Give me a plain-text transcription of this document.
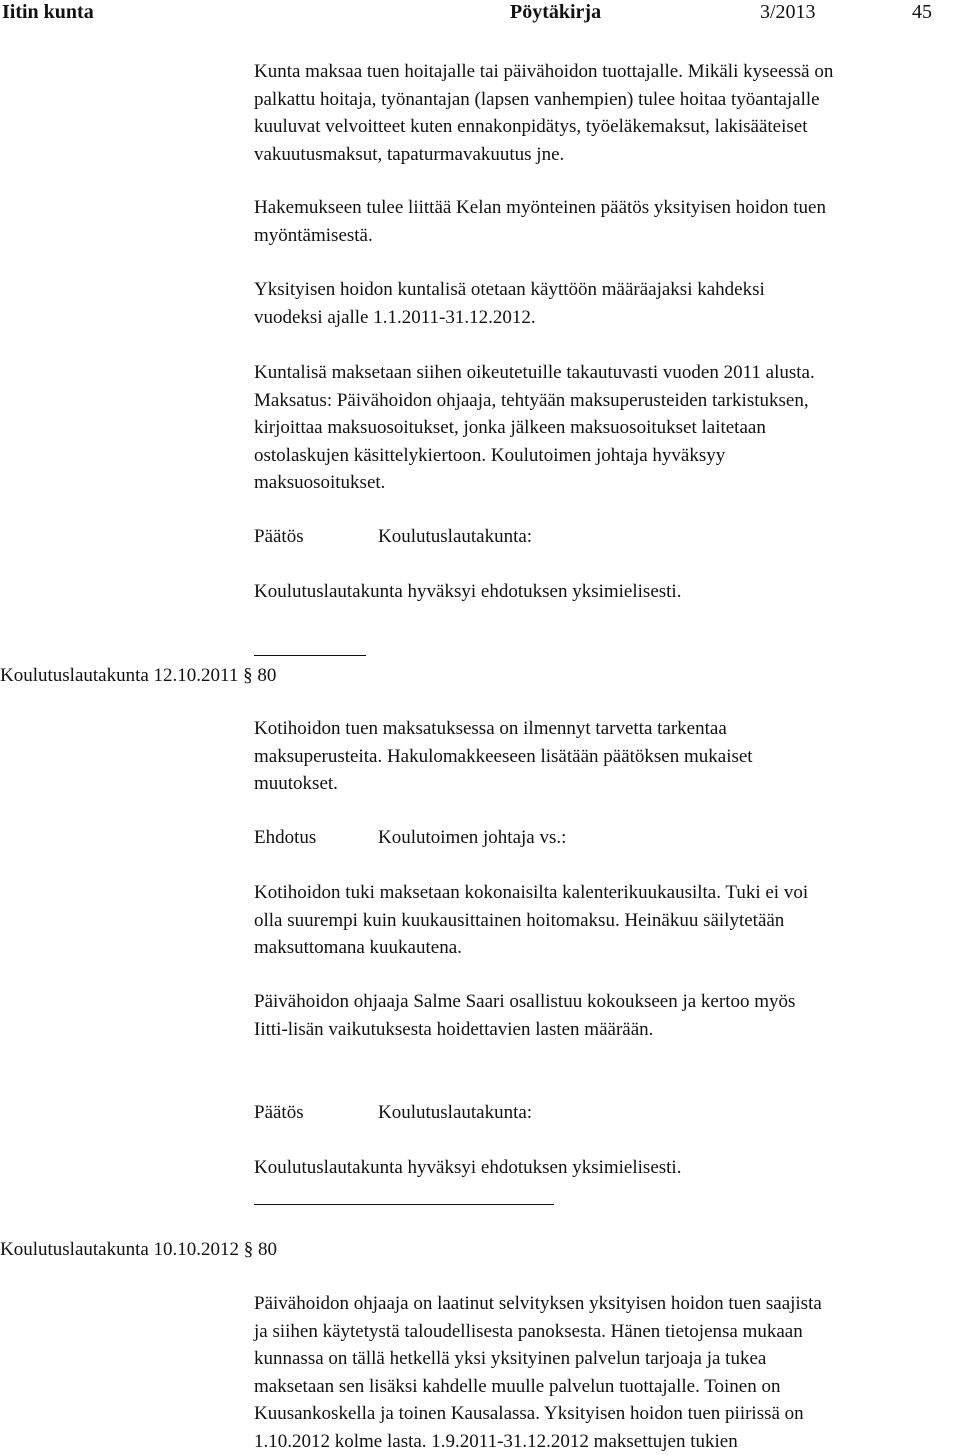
Iitin kunta	Pöytäkirja	3/2013	45
Kunta maksaa tuen hoitajalle tai päivähoidon tuottajalle. Mikäli kyseessä on
palkattu hoitaja, työnantajan (lapsen vanhempien) tulee hoitaa työantajalle
kuuluvat velvoitteet kuten ennakonpidätys, työeläkemaksut, lakisääteiset
vakuutusmaksut, tapaturmavakuutus jne.
Hakemukseen tulee liittää Kelan myönteinen päätös yksityisen hoidon tuen
myöntämisestä.
Yksityisen hoidon kuntalisä otetaan käyttöön määräajaksi kahdeksi
vuodeksi ajalle 1.1.2011-31.12.2012.
Kuntalisä maksetaan siihen oikeutetuille takautuvasti vuoden 2011 alusta.
Maksatus: Päivähoidon ohjaaja, tehtyään maksuperusteiden tarkistuksen,
kirjoittaa maksuosoitukset, jonka jälkeen maksuosoitukset laitetaan
ostolaskujen käsittelykiertoon. Koulutoimen johtaja hyväksyy
maksuosoitukset.
Päätös	Koulutuslautakunta:
Koulutuslautakunta hyväksyi ehdotuksen yksimielisesti.
Koulutuslautakunta 12.10.2011 § 80
Kotihoidon tuen maksatuksessa on ilmennyt tarvetta tarkentaa
maksuperusteita. Hakulomakkeeseen lisätään päätöksen mukaiset
muutokset.
Ehdotus	Koulutoimen johtaja vs.:
Kotihoidon tuki maksetaan kokonaisilta kalenterikuukausilta. Tuki ei voi
olla suurempi kuin kuukausittainen hoitomaksu. Heinäkuu säilytetään
maksuttomana kuukautena.
Päivähoidon ohjaaja Salme Saari osallistuu kokoukseen ja kertoo myös
Iitti-lisän vaikutuksesta hoidettavien lasten määrään.
Päätös	Koulutuslautakunta:
Koulutuslautakunta hyväksyi ehdotuksen yksimielisesti.
Koulutuslautakunta 10.10.2012 § 80
Päivähoidon ohjaaja on laatinut selvityksen yksityisen hoidon tuen saajista
ja siihen käytetystä taloudellisesta panoksesta. Hänen tietojensa mukaan
kunnassa on tällä hetkellä yksi yksityinen palvelun tarjoaja ja tukea
maksetaan sen lisäksi kahdelle muulle palvelun tuottajalle. Toinen on
Kuusankoskella ja toinen Kausalassa. Yksityisen hoidon tuen piirissä on
1.10.2012 kolme lasta. 1.9.2011-31.12.2012 maksettujen tukien
